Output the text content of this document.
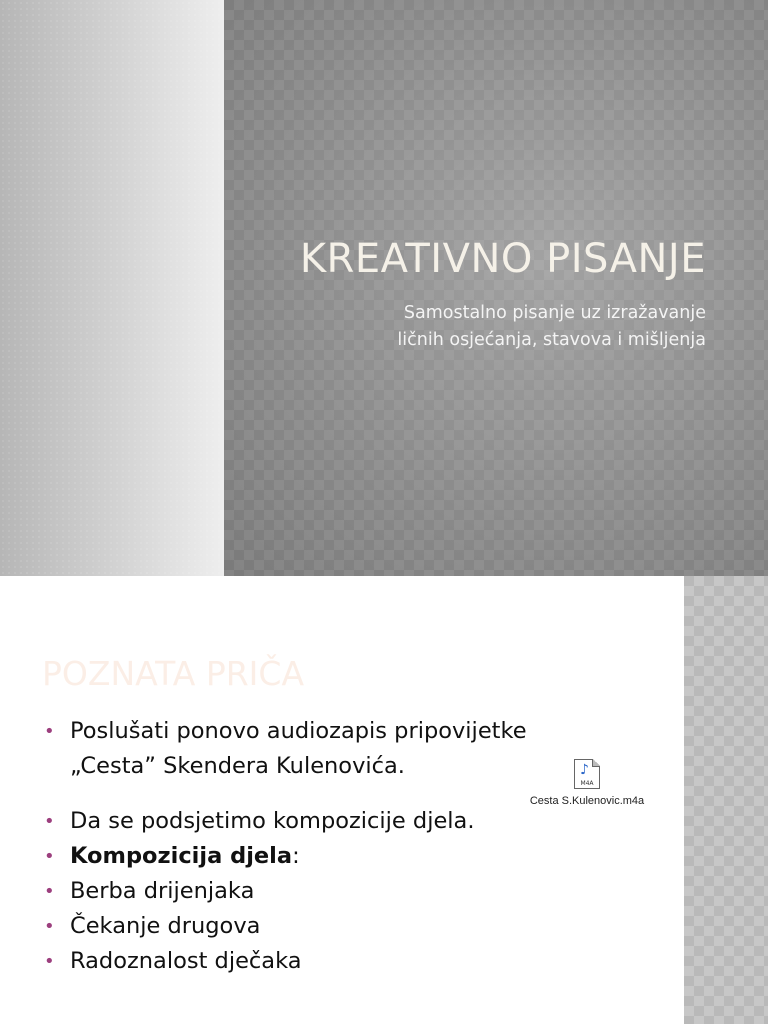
KREATIVNO PISANJE
Samostalno pisanje uz izražavanje
ličnih osjećanja, stavova i mišljenja
POZNATA PRIČA
• Poslušati ponovo audiozapis pripovijetke
„Cesta” Skendera Kulenovića.
• Da se podsjetimo kompozicije djela.
• Kompozicija djela:
• Berba drijenjaka
• Čekanje drugova
• Radoznalost dječaka
♪
M4A
Cesta S.Kulenovic.m4a
